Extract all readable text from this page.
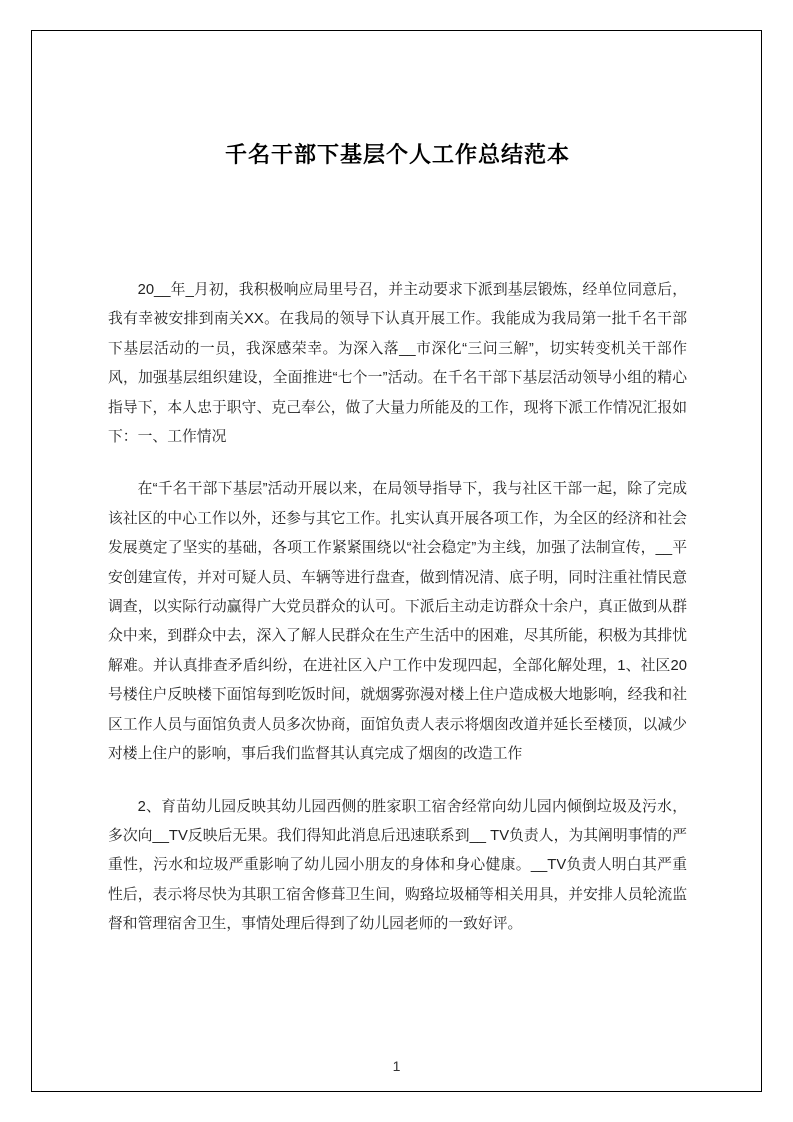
千名干部下基层个人工作总结范本

20__年_月初，我积极响应局里号召，并主动要求下派到基层锻炼，经单位同意后，我有幸被安排到南关XX。在我局的领导下认真开展工作。我能成为我局第一批千名干部下基层活动的一员，我深感荣幸。为深入落__市深化“三问三解”，切实转变机关干部作风，加强基层组织建设，全面推进“七个一”活动。在千名干部下基层活动领导小组的精心指导下，本人忠于职守、克己奉公，做了大量力所能及的工作，现将下派工作情况汇报如下：一、工作情况

在“千名干部下基层”活动开展以来，在局领导指导下，我与社区干部一起，除了完成该社区的中心工作以外，还参与其它工作。扎实认真开展各项工作，为全区的经济和社会发展奠定了坚实的基础，各项工作紧紧围绕以“社会稳定”为主线，加强了法制宣传，__平安创建宣传，并对可疑人员、车辆等进行盘查，做到情况清、底子明，同时注重社情民意调查，以实际行动赢得广大党员群众的认可。下派后主动走访群众十余户，真正做到从群众中来，到群众中去，深入了解人民群众在生产生活中的困难，尽其所能，积极为其排忧解难。并认真排查矛盾纠纷，在进社区入户工作中发现四起，全部化解处理，1、社区20号楼住户反映楼下面馆每到吃饭时间，就烟雾弥漫对楼上住户造成极大地影响，经我和社区工作人员与面馆负责人员多次协商，面馆负责人表示将烟囱改道并延长至楼顶，以减少对楼上住户的影响，事后我们监督其认真完成了烟囱的改造工作

2、育苗幼儿园反映其幼儿园西侧的胜家职工宿舍经常向幼儿园内倾倒垃圾及污水，多次向__TV反映后无果。我们得知此消息后迅速联系到__ TV负责人，为其阐明事情的严重性，污水和垃圾严重影响了幼儿园小朋友的身体和身心健康。__TV负责人明白其严重性后，表示将尽快为其职工宿舍修葺卫生间，购臵垃圾桶等相关用具，并安排人员轮流监督和管理宿舍卫生，事情处理后得到了幼儿园老师的一致好评。

1
